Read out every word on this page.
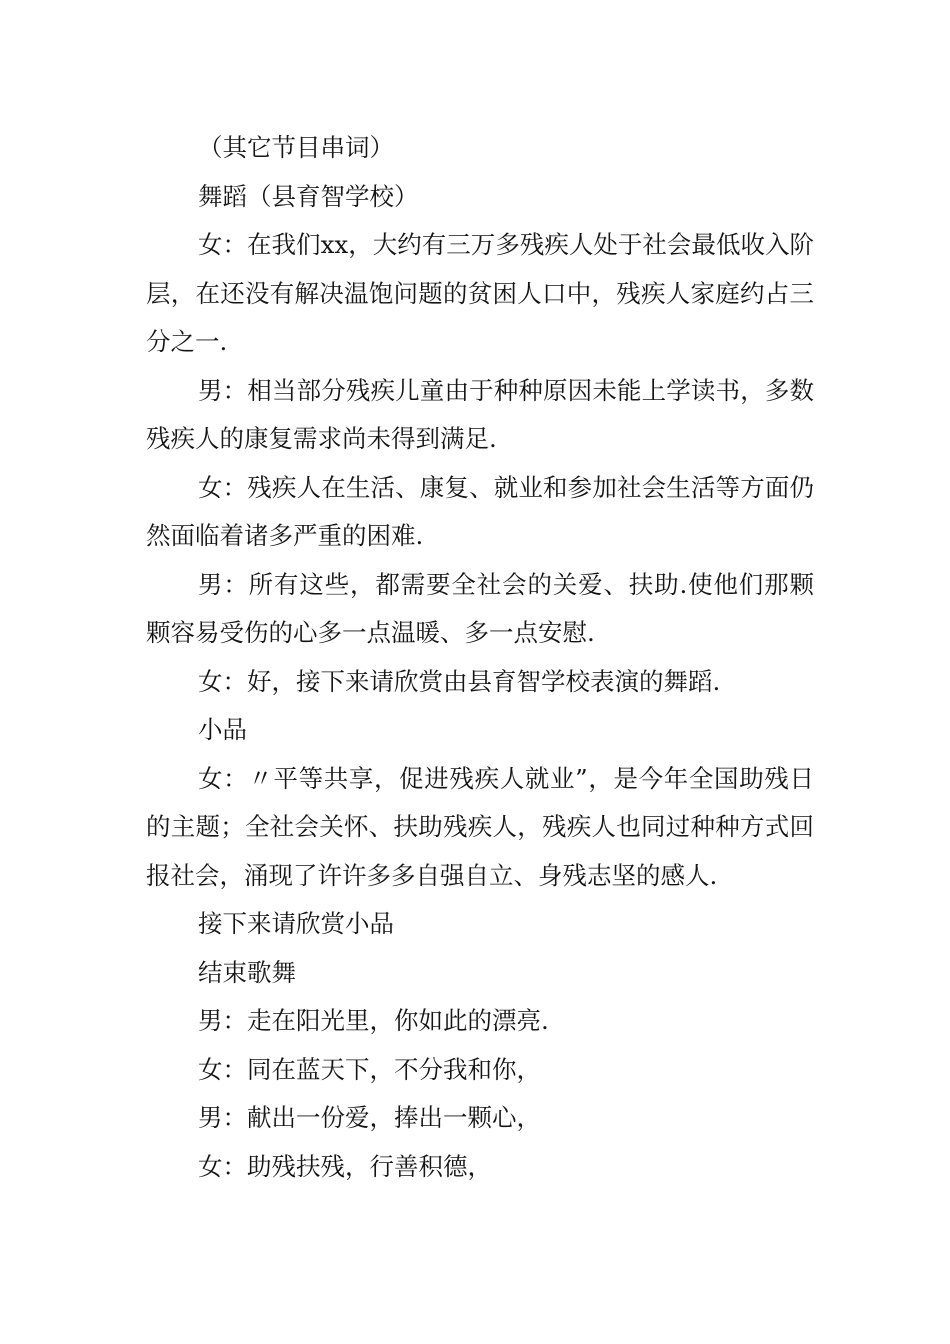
（其它节目串词）

舞蹈（县育智学校）

女：在我们xx，大约有三万多残疾人处于社会最低收入阶层，在还没有解决温饱问题的贫困人口中，残疾人家庭约占三分之一.

男：相当部分残疾儿童由于种种原因未能上学读书，多数残疾人的康复需求尚未得到满足.

女：残疾人在生活、康复、就业和参加社会生活等方面仍然面临着诸多严重的困难.

男：所有这些，都需要全社会的关爱、扶助.使他们那颗颗容易受伤的心多一点温暖、多一点安慰.

女：好，接下来请欣赏由县育智学校表演的舞蹈.

小品

女：〃平等共享，促进残疾人就业”，是今年全国助残日的主题；全社会关怀、扶助残疾人，残疾人也同过种种方式回报社会，涌现了许许多多自强自立、身残志坚的感人.

接下来请欣赏小品

结束歌舞

男：走在阳光里，你如此的漂亮.

女：同在蓝天下，不分我和你，

男：献出一份爱，捧出一颗心，

女：助残扶残，行善积德，
